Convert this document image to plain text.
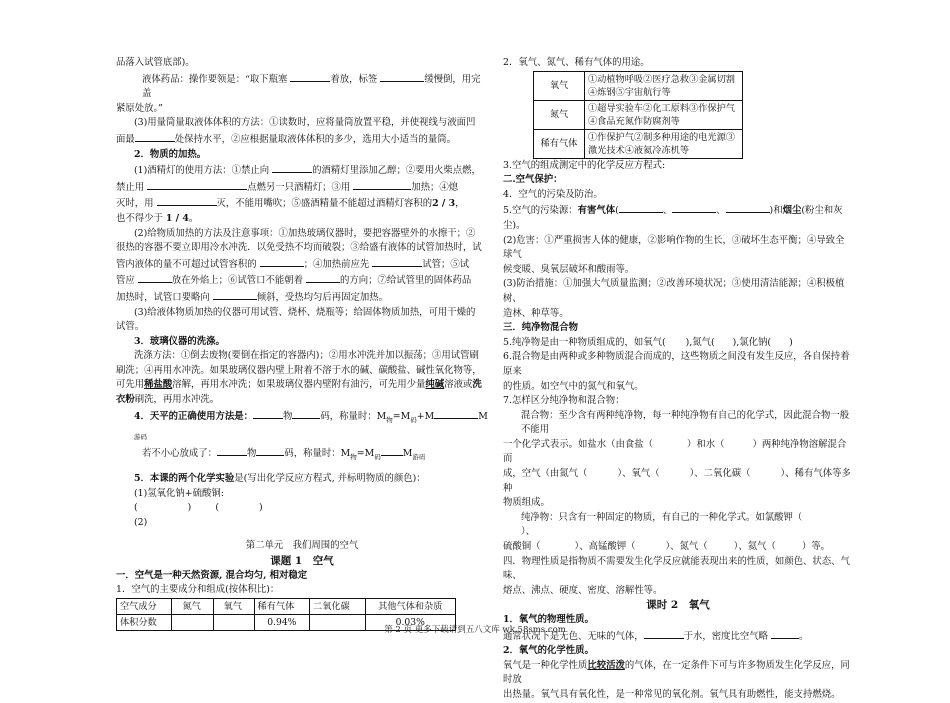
品落入试管底部)。

液体药品：操作要领是：“取下瓶塞	着放，标签	缓慢倒，用完盖

紧原处放。”

(3)用量筒量取液体体积的方法：①读数时，应将量筒放置平稳，并使视线与液面凹

面最	处保持水平，②应根据量取液体体积的多少，选用大小适当的量筒。

2．物质的加热。

(1)酒精灯的使用方法：①禁止向	的酒精灯里添加乙醇；②要用火柴点燃，

禁止用	点燃另一只酒精灯；③用	加热；④熄

灭时，用	灭，不能用嘴吹；⑤盛酒精量不能超过酒精灯容积的2 / 3，

也不得少于 1 / 4。

(2)给物质加热的方法及注意事项：①加热玻璃仪器时，要把容器壁外的水擦干；②

很热的容器不要立即用冷水冲洗．以免受热不均而破裂；③给盛有液体的试管加热时，试

管内液体的量不可超过试管容积的	；④加热前应先	试管；⑤试

管应	放在外焰上；⑥试管口不能朝着	的方向；⑦给试管里的固体药品

加热时，试管口要略向	倾斜，受热均匀后再固定加热。

(3)给液体物质加热的仪器可用试管、烧杯、烧瓶等；给固体物质加热，可用干燥的

试管。

3．玻璃仪器的洗涤。

洗涤方法：①倒去废物(要倒在指定的容器内)；②用水冲洗并加以振荡；③用试管刷

刷洗；④再用水冲洗。如果玻璃仪器内壁上附着不溶于水的碱、碳酸盐、碱性氧化物等，

可先用稀盐酸溶解，再用水冲洗；如果玻璃仪器内壁附有油污，可先用少量纯碱溶液或洗

衣粉刷洗，再用水冲洗。

4．天平的正确使用方法是：	物	码，称量时：$M_物=M_码+M$	$M_{游码}$

若不小心放成了：	物	码，称量时：$M_物=M_码$ $M_{游码}$

5．本课的两个化学实验是(写出化学反应方程式, 并标明物质的颜色)：

(1)氢氧化钠+硫酸铜:

(	)	(	)

(2)

第二单元　我们周围的空气

课题 1　空气

一．空气是一种天然资源, 混合均匀, 相对稳定

1．空气的主要成分和组成(按体积比)：

空气成分	氮气	氧气	稀有气体	二氧化碳	其他气体和杂质
体积分数			0.94%		0.03%

2．氧气、氮气、稀有气体的用途。

氧气	①动植物呼吸②医疗急救③金属切割④炼钢⑤宇宙航行等
氮气	①超导实验车②化工原料③作保护气④食品充氮作防腐剂等
稀有气体	①作保护气②制多种用途的电光源③激光技术④液氦冷冻机等

3.空气的组成测定中的化学反应方程式:

二.空气保护：

4．空气的污染及防治。

5.空气的污染源：有害气体(	、	、	)和烟尘(粉尘和灰尘)。

(2)危害：①严重损害人体的健康，②影响作物的生长，③破坏生态平衡；④导致全球气

候变暖、臭氧层破坏和酸雨等。

(3)防治措施：①加强大气质量监测；②改善环境状况；③使用清洁能源；④积极植树、

造林、种草等。

三．纯净物混合物

5.纯净物是由一种物质组成的，如氧气( ),氮气( ),氯化钠( )

6.混合物是由两种或多种物质混合而成的，这些物质之间没有发生反应，各自保持着原来

的性质。如空气中的氮气和氧气。

7.怎样区分纯净物和混合物：

混合物：至少含有两种纯净物，每一种纯净物有自己的化学式，因此混合物一般不能用

一个化学式表示。如盐水（由食盐（	）和水（	）两种纯净物溶解混合而

成，空气（由氮气（	）、氧气（	）、二氧化碳（	）、稀有气体等多种

物质组成。

纯净物：只含有一种固定的物质，有自己的一种化学式。如氯酸钾（）、

硫酸铜（	）、高锰酸钾（	）、氮气（	）、氦气（	）等。

四．物理性质是指物质不需要发生化学反应就能表现出来的性质，如颜色、状态、气味、

熔点、沸点、硬度、密度、溶解性等。

课时 2　氧气

1．氧气的物理性质。

通常状况下是无色、无味的气体，	于水，密度比空气略	。

2．氧气的化学性质。

氧气是一种化学性质比较活泼的气体，在一定条件下可与许多物质发生化学反应，同时放

出热量。氧气具有氧化性，是一种常见的氧化剂。氧气具有助燃性，能支持燃烧。

第 2 页 更多下载请到五八文库 wk.58sms.com
